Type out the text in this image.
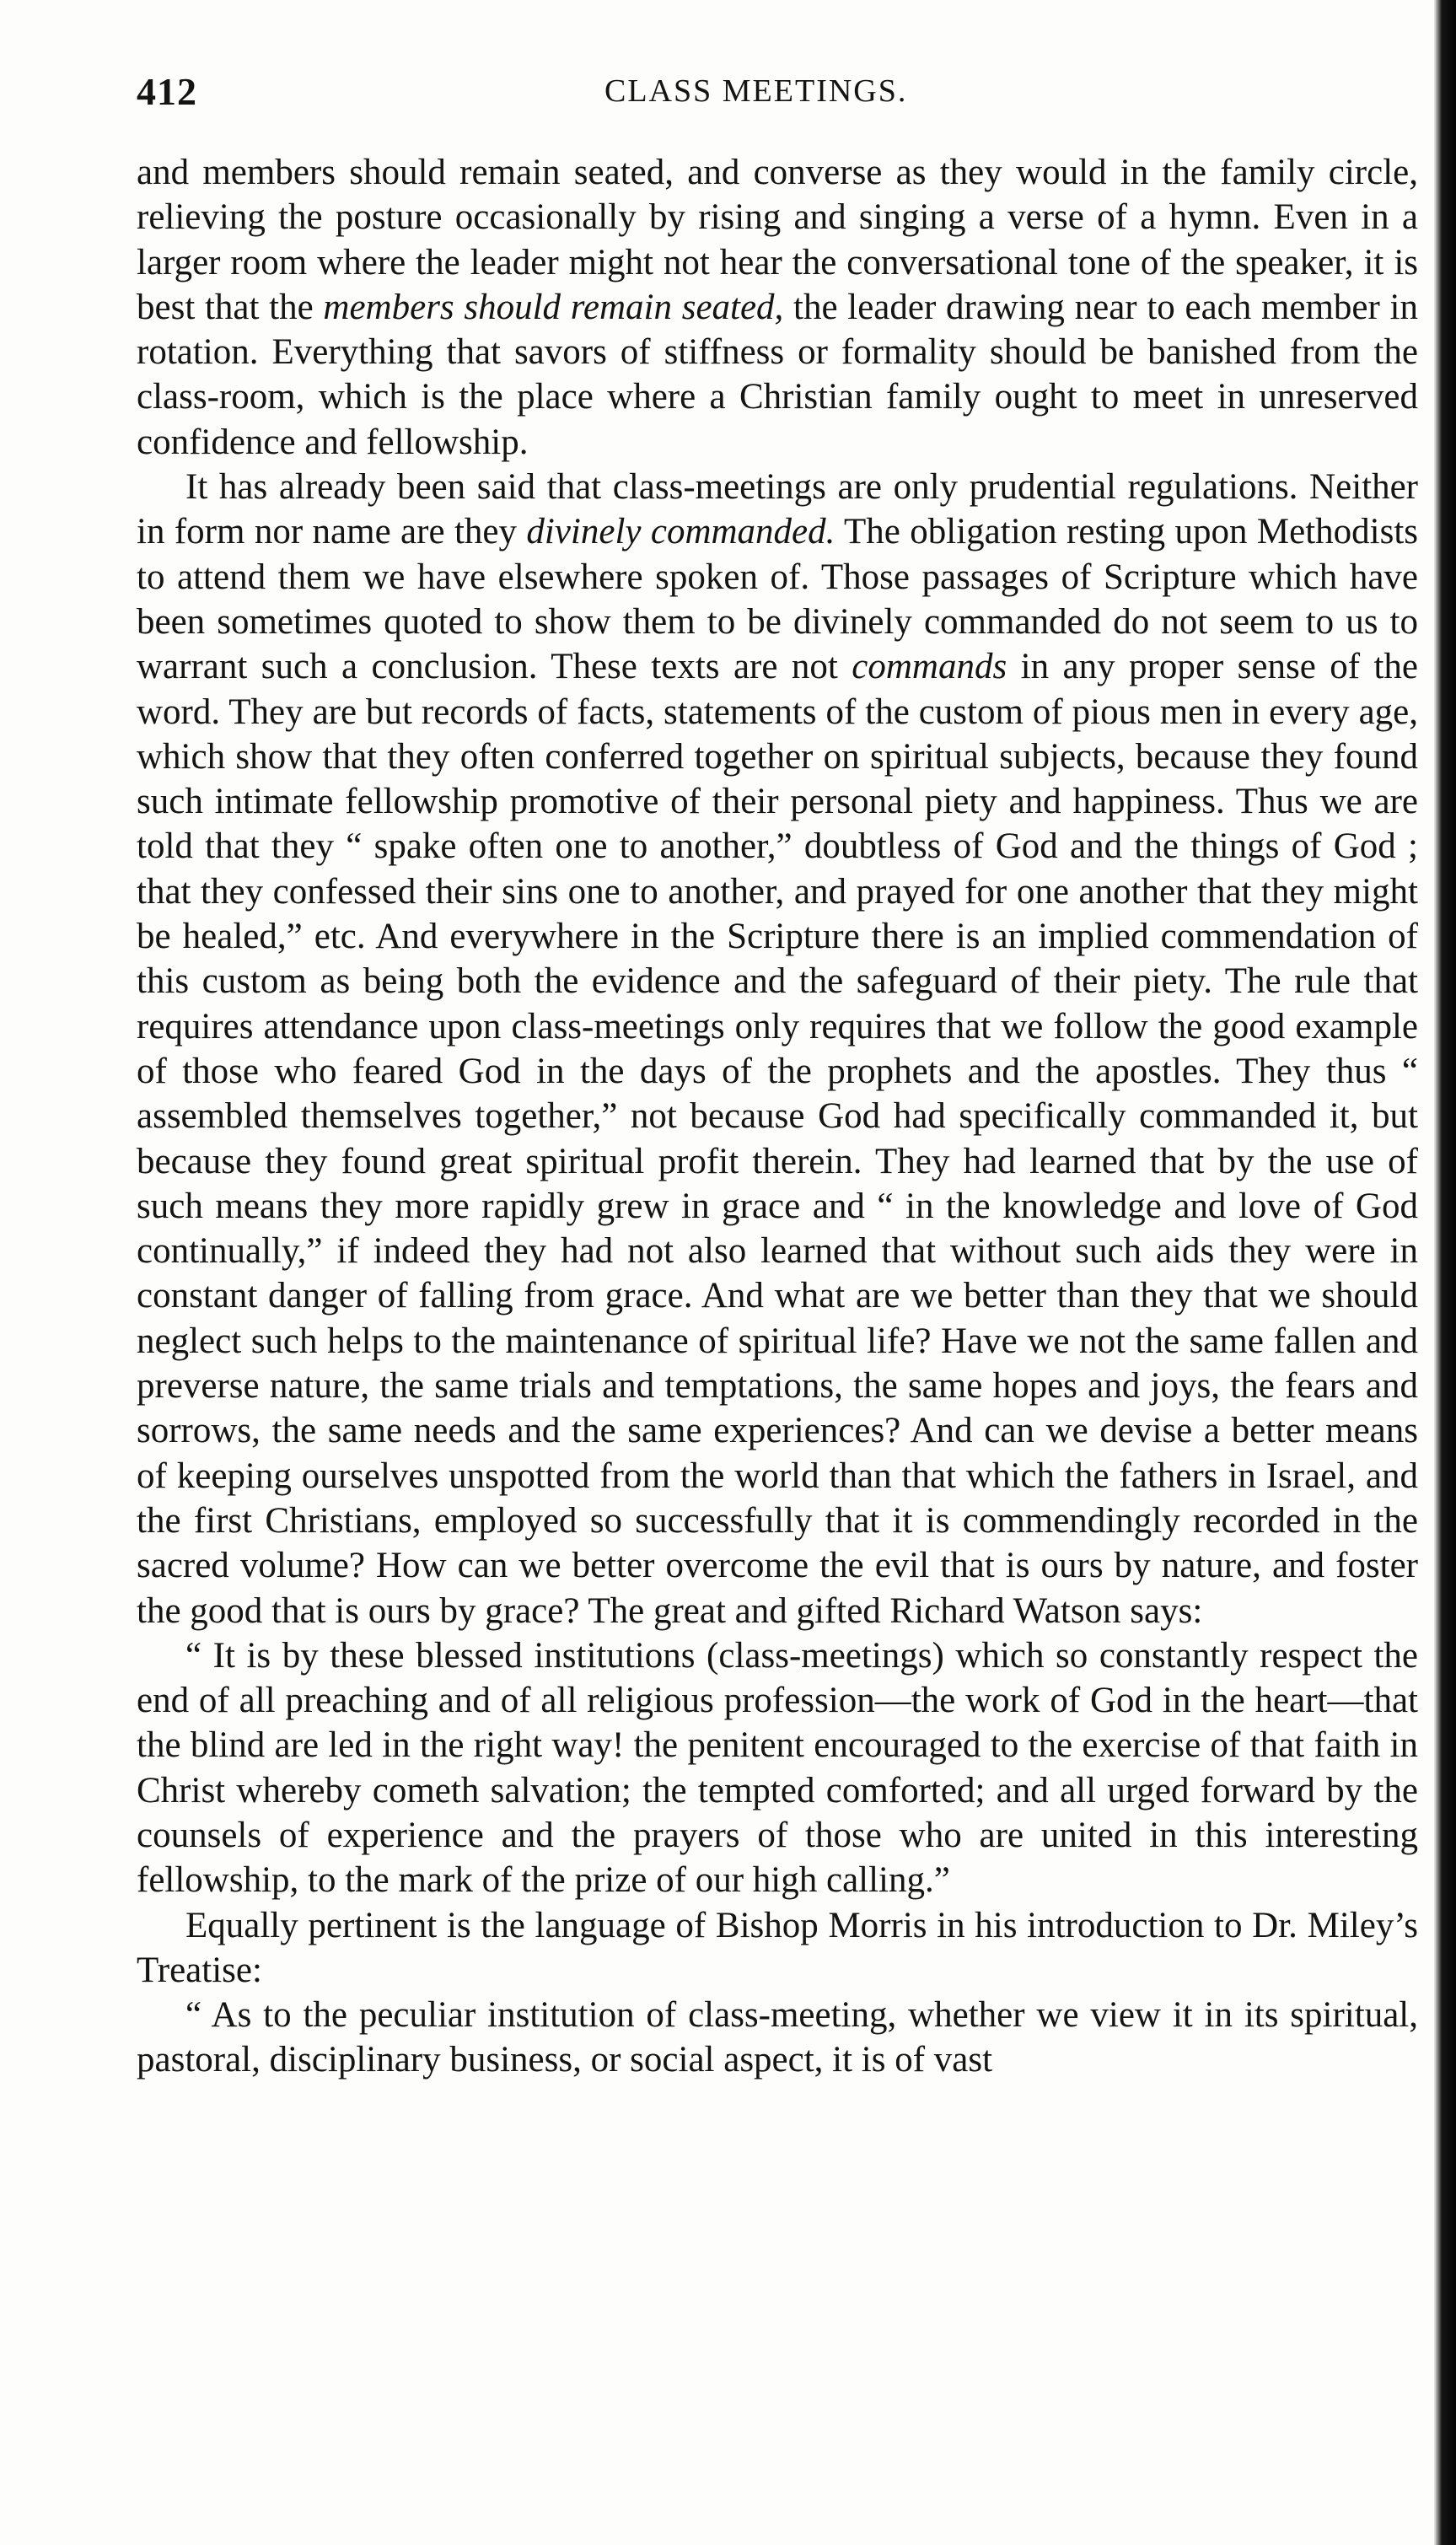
412	CLASS MEETINGS.

and members should remain seated, and converse as they would in the family circle, relieving the posture occasionally by rising and singing a verse of a hymn. Even in a larger room where the leader might not hear the conversational tone of the speaker, it is best that the members should remain seated, the leader drawing near to each member in rotation. Everything that savors of stiffness or formality should be banished from the class-room, which is the place where a Christian family ought to meet in unreserved confidence and fellowship.

It has already been said that class-meetings are only prudential regulations. Neither in form nor name are they divinely commanded. The obligation resting upon Methodists to attend them we have elsewhere spoken of. Those passages of Scripture which have been sometimes quoted to show them to be divinely commanded do not seem to us to warrant such a conclusion. These texts are not commands in any proper sense of the word. They are but records of facts, statements of the custom of pious men in every age, which show that they often conferred together on spiritual subjects, because they found such intimate fellowship promotive of their personal piety and happiness. Thus we are told that they “ spake often one to another,” doubtless of God and the things of God ; that they confessed their sins one to another, and prayed for one another that they might be healed,” etc. And everywhere in the Scripture there is an implied commendation of this custom as being both the evidence and the safeguard of their piety. The rule that requires attendance upon class-meetings only requires that we follow the good example of those who feared God in the days of the prophets and the apostles. They thus “ assembled themselves together,” not because God had specifically commanded it, but because they found great spiritual profit therein. They had learned that by the use of such means they more rapidly grew in grace and “ in the knowledge and love of God continually,” if indeed they had not also learned that without such aids they were in constant danger of falling from grace. And what are we better than they that we should neglect such helps to the maintenance of spiritual life? Have we not the same fallen and preverse nature, the same trials and temptations, the same hopes and joys, the fears and sorrows, the same needs and the same experiences? And can we devise a better means of keeping ourselves unspotted from the world than that which the fathers in Israel, and the first Christians, employed so successfully that it is commendingly recorded in the sacred volume? How can we better overcome the evil that is ours by nature, and foster the good that is ours by grace? The great and gifted Richard Watson says:

“ It is by these blessed institutions (class-meetings) which so constantly respect the end of all preaching and of all religious profession—the work of God in the heart—that the blind are led in the right way! the penitent encouraged to the exercise of that faith in Christ whereby cometh salvation; the tempted comforted; and all urged forward by the counsels of experience and the prayers of those who are united in this interesting fellowship, to the mark of the prize of our high calling.”

Equally pertinent is the language of Bishop Morris in his introduction to Dr. Miley’s Treatise:

“ As to the peculiar institution of class-meeting, whether we view it in its spiritual, pastoral, disciplinary business, or social aspect, it is of vast
